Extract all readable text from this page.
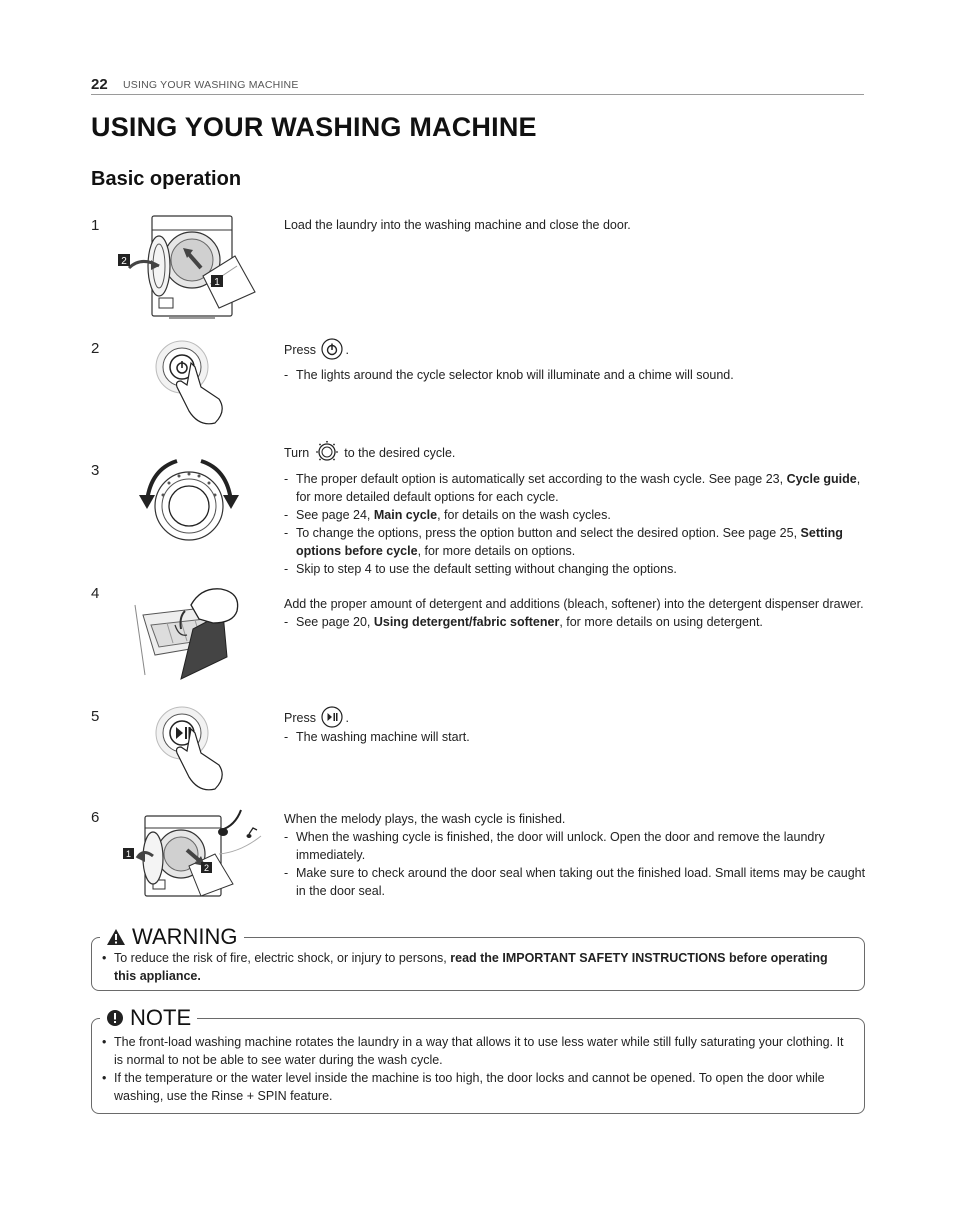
22 USING YOUR WASHING MACHINE
USING YOUR WASHING MACHINE
Basic operation
1
2
1

Load the laundry into the washing machine and close the door.

2	Press .

- The lights around the cycle selector knob will illuminate and a chime will sound.

3

Turn	to the desired cycle.

- The proper default option is automatically set according to the wash cycle. See page 23, Cycle guide, for more detailed default options for each cycle.

- See page 24, Main cycle, for details on the wash cycles.

- To change the options, press the option button and select the desired option. See page 25, Setting options before cycle, for more details on options.

- Skip to step 4 to use the default setting without changing the options.

4

Add the proper amount of detergent and additions (bleach, softener) into the detergent dispenser drawer.

- See page 20, Using detergent/fabric softener, for more details on using detergent.

5	Press .

- The washing machine will start.

6
1
2

When the melody plays, the wash cycle is finished.

- When the washing cycle is finished, the door will unlock. Open the door and remove the laundry immediately.

- Make sure to check around the door seal when taking out the finished load. Small items may be caught in the door seal.

WARNING

• To reduce the risk of fire, electric shock, or injury to persons, read the IMPORTANT SAFETY INSTRUCTIONS before operating this appliance.

NOTE

• The front-load washing machine rotates the laundry in a way that allows it to use less water while still fully saturating your clothing. It is normal to not be able to see water during the wash cycle.

• If the temperature or the water level inside the machine is too high, the door locks and cannot be opened. To open the door while washing, use the Rinse + SPIN feature.
